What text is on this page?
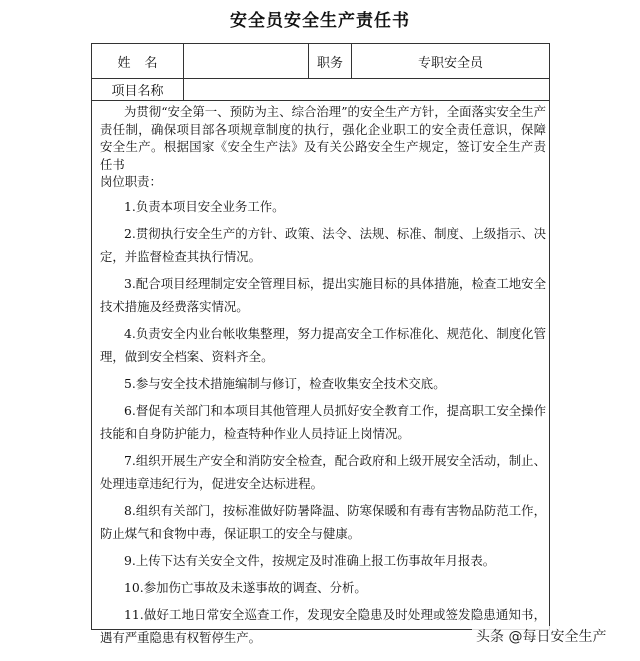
安全员安全生产责任书
姓名	职务	专职安全员
项目名称

为贯彻“安全第一、预防为主、综合治理”的安全生产方针，全面落实安全生产责任制，确保项目部各项规章制度的执行，强化企业职工的安全责任意识，保障安全生产。根据国家《安全生产法》及有关公路安全生产规定，签订安全生产责任书

岗位职责：

1.负责本项目安全业务工作。

2.贯彻执行安全生产的方针、政策、法令、法规、标准、制度、上级指示、决定，并监督检查其执行情况。

3.配合项目经理制定安全管理目标，提出实施目标的具体措施，检查工地安全技术措施及经费落实情况。

4.负责安全内业台帐收集整理，努力提高安全工作标准化、规范化、制度化管理，做到安全档案、资料齐全。

5.参与安全技术措施编制与修订，检查收集安全技术交底。

6.督促有关部门和本项目其他管理人员抓好安全教育工作，提高职工安全操作技能和自身防护能力，检查特种作业人员持证上岗情况。

7.组织开展生产安全和消防安全检查，配合政府和上级开展安全活动，制止、处理违章违纪行为，促进安全达标进程。

8.组织有关部门，按标准做好防暑降温、防寒保暖和有毒有害物品防范工作，防止煤气和食物中毒，保证职工的安全与健康。

9.上传下达有关安全文件，按规定及时准确上报工伤事故年月报表。

10.参加伤亡事故及未遂事故的调查、分析。

11.做好工地日常安全巡查工作，发现安全隐患及时处理或签发隐患通知书，遇有严重隐患有权暂停生产。	头条 @每日安全生产
